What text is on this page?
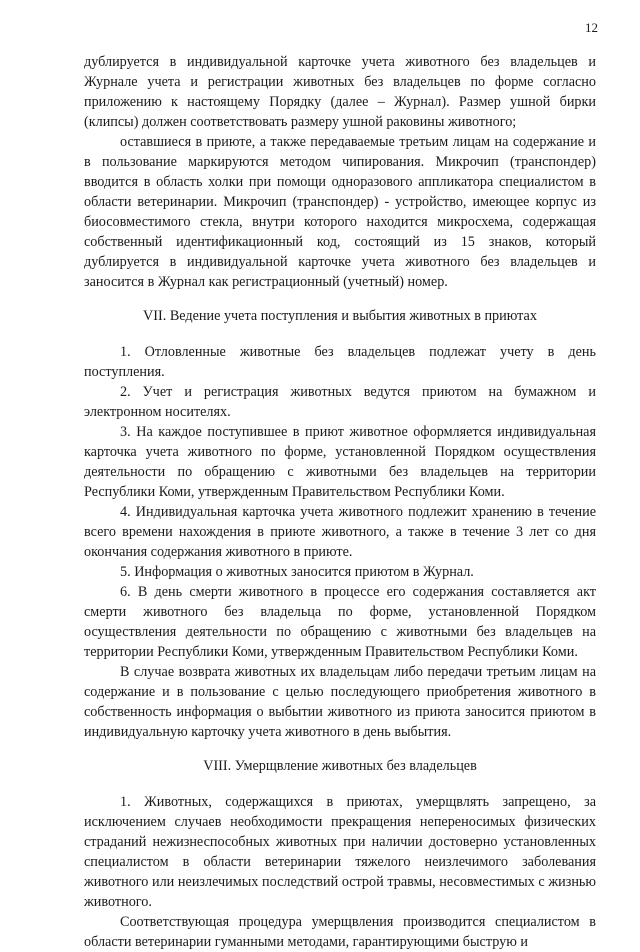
12

дублируется в индивидуальной карточке учета животного без владельцев и Журнале учета и регистрации животных без владельцев по форме согласно приложению к настоящему Порядку (далее – Журнал). Размер ушной бирки (клипсы) должен соответствовать размеру ушной раковины животного;

оставшиеся в приюте, а также передаваемые третьим лицам на содержание и в пользование маркируются методом чипирования. Микрочип (транспондер) вводится в область холки при помощи одноразового аппликатора специалистом в области ветеринарии. Микрочип (транспондер) - устройство, имеющее корпус из биосовместимого стекла, внутри которого находится микросхема, содержащая собственный идентификационный код, состоящий из 15 знаков, который дублируется в индивидуальной карточке учета животного без владельцев и заносится в Журнал как регистрационный (учетный) номер.

VII. Ведение учета поступления и выбытия животных в приютах

1. Отловленные животные без владельцев подлежат учету в день поступления.

2. Учет и регистрация животных ведутся приютом на бумажном и электронном носителях.

3. На каждое поступившее в приют животное оформляется индивидуальная карточка учета животного по форме, установленной Порядком осуществления деятельности по обращению с животными без владельцев на территории Республики Коми, утвержденным Правительством Республики Коми.

4. Индивидуальная карточка учета животного подлежит хранению в течение всего времени нахождения в приюте животного, а также в течение 3 лет со дня окончания содержания животного в приюте.

5. Информация о животных заносится приютом в Журнал.

6. В день смерти животного в процессе его содержания составляется акт смерти животного без владельца по форме, установленной Порядком осуществления деятельности по обращению с животными без владельцев на территории Республики Коми, утвержденным Правительством Республики Коми.

В случае возврата животных их владельцам либо передачи третьим лицам на содержание и в пользование с целью последующего приобретения животного в собственность информация о выбытии животного из приюта заносится приютом в индивидуальную карточку учета животного в день выбытия.

VIII. Умерщвление животных без владельцев

1. Животных, содержащихся в приютах, умерщвлять запрещено, за исключением случаев необходимости прекращения непереносимых физических страданий нежизнеспособных животных при наличии достоверно установленных специалистом в области ветеринарии тяжелого неизлечимого заболевания животного или неизлечимых последствий острой травмы, несовместимых с жизнью животного.

Соответствующая процедура умерщвления производится специалистом в области ветеринарии гуманными методами, гарантирующими быструю и
